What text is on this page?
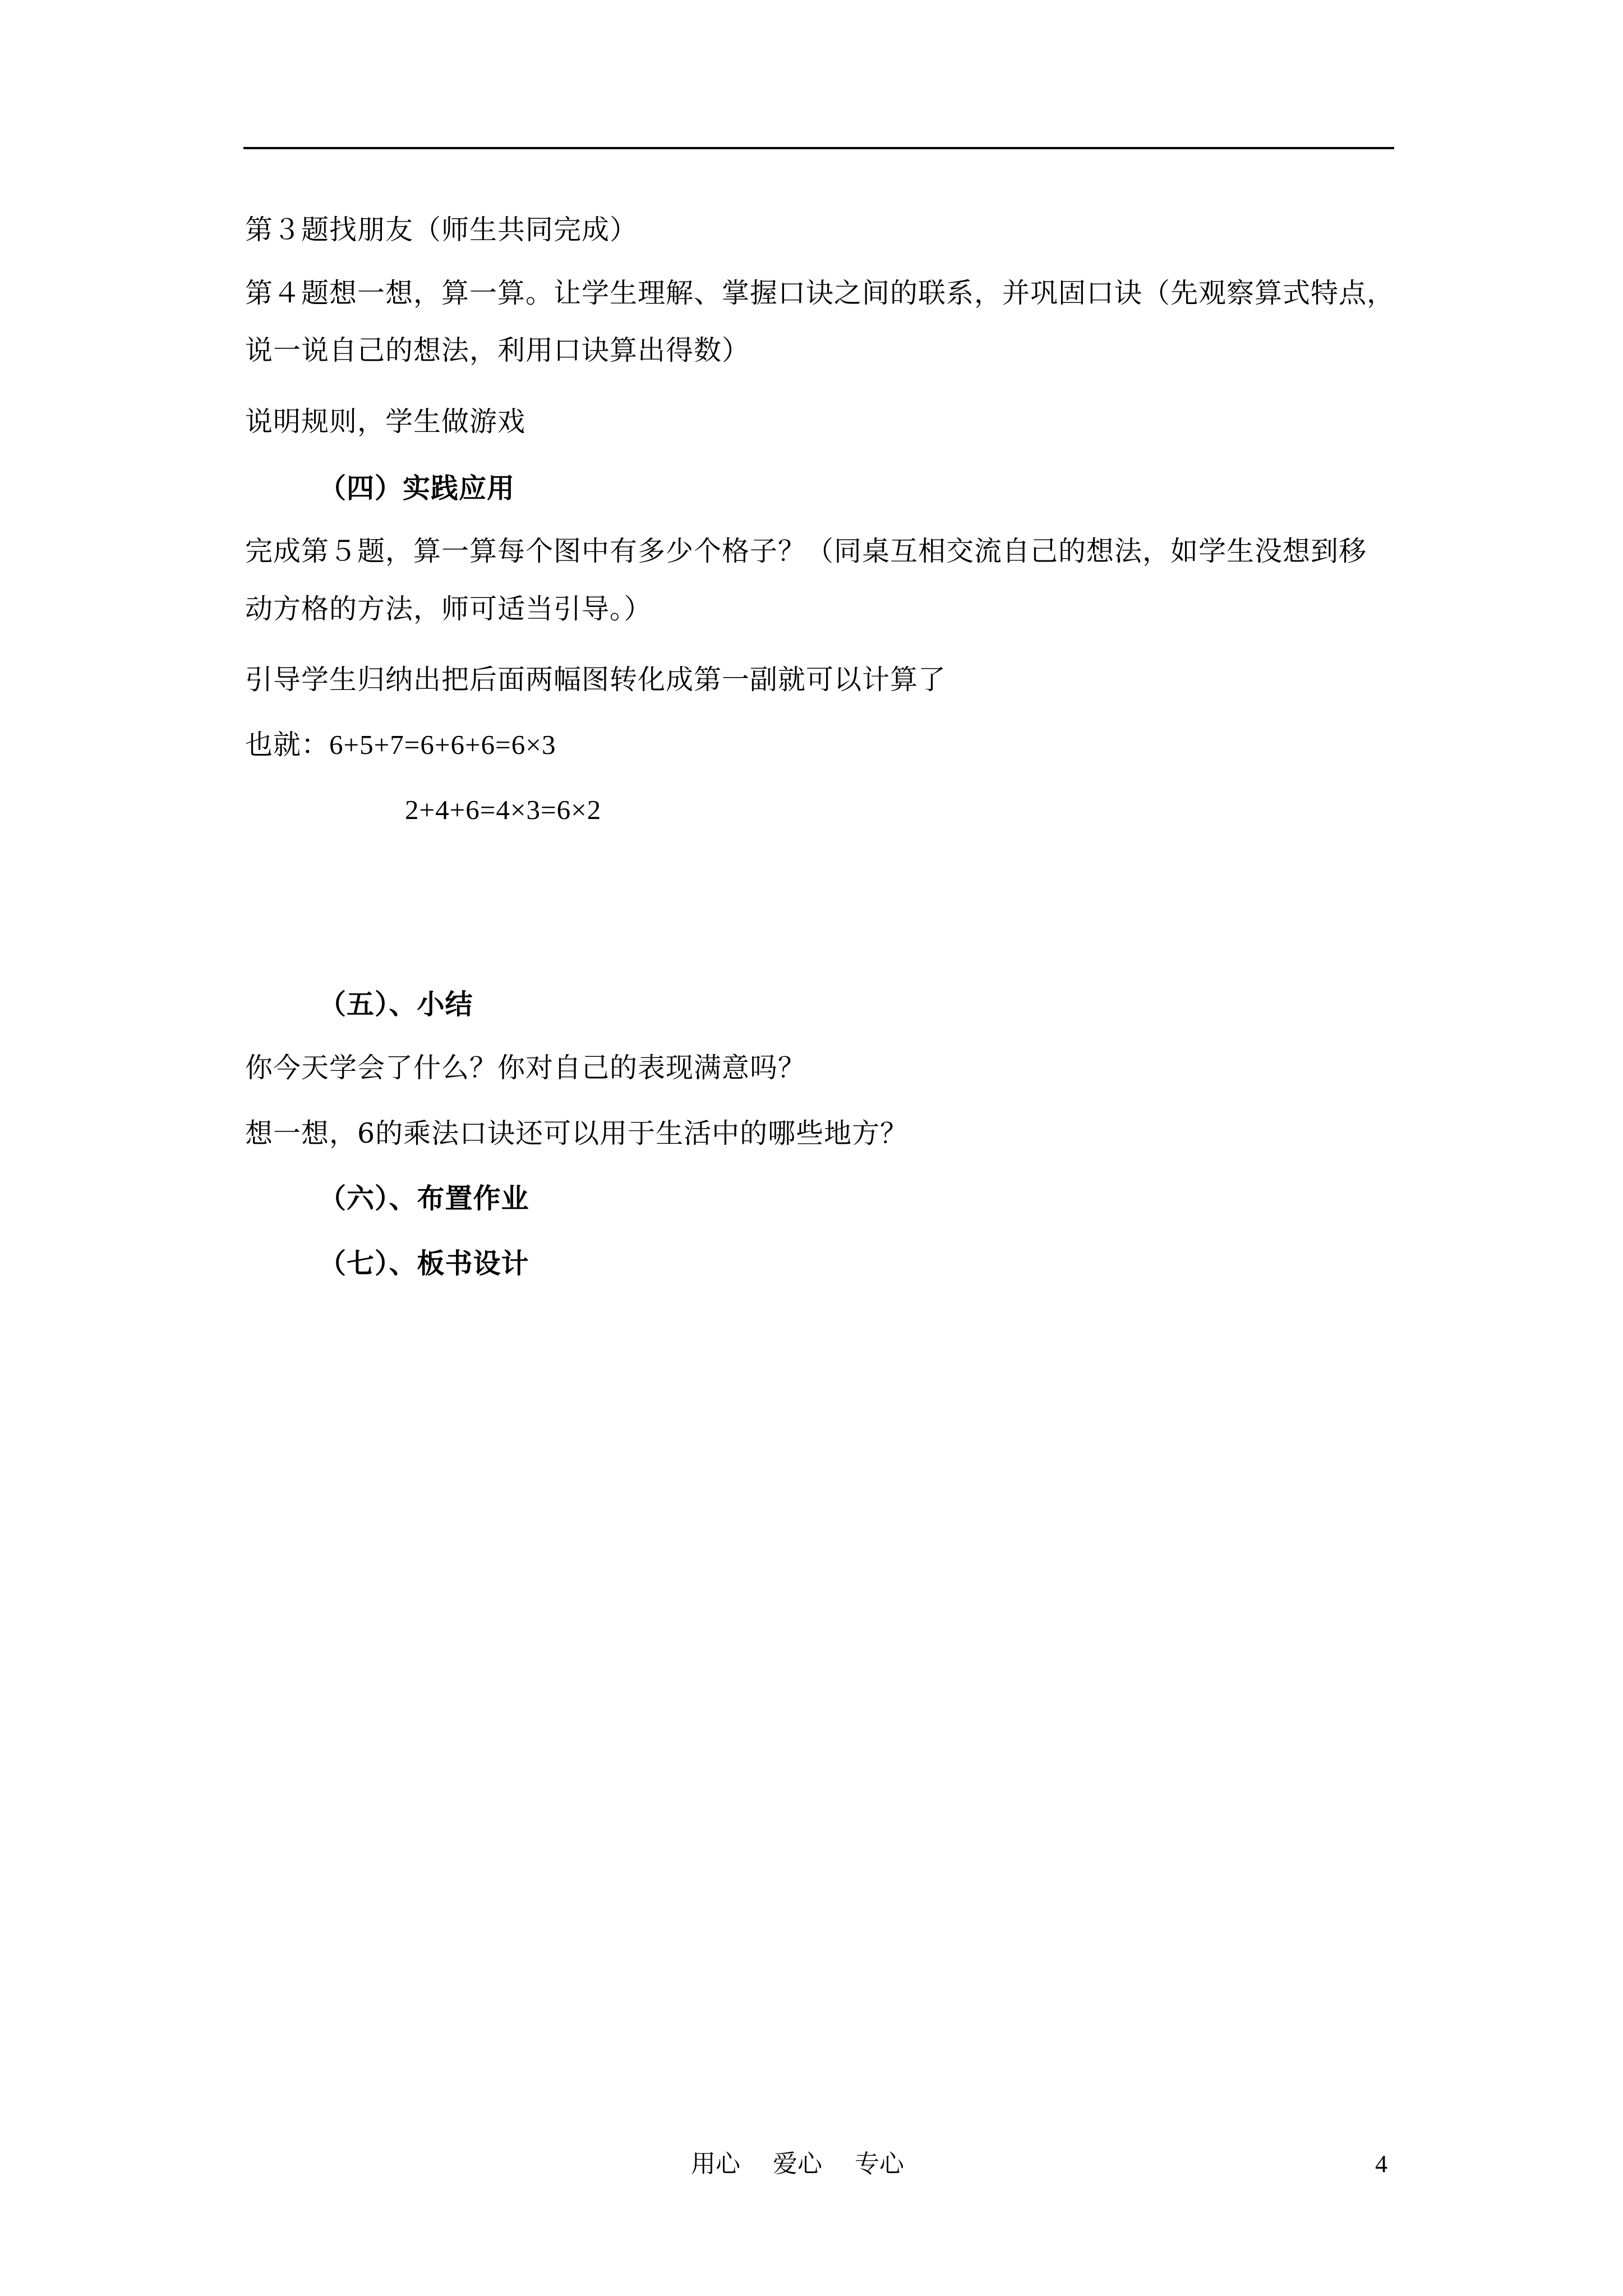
第３题找朋友（师生共同完成）
第４题想一想，算一算。让学生理解、掌握口诀之间的联系，并巩固口诀（先观察算式特点，
说一说自己的想法，利用口诀算出得数）
说明规则，学生做游戏
（四）实践应用
完成第５题，算一算每个图中有多少个格子？（同桌互相交流自己的想法，如学生没想到移
动方格的方法，师可适当引导。）
引导学生归纳出把后面两幅图转化成第一副就可以计算了
也就：6+5+7=6+6+6=6×3
2+4+6=4×3=6×2
（五）、小结
你今天学会了什么？你对自己的表现满意吗？
想一想，6的乘法口诀还可以用于生活中的哪些地方？
（六）、布置作业
（七）、板书设计
用心 爱心 专心	4
